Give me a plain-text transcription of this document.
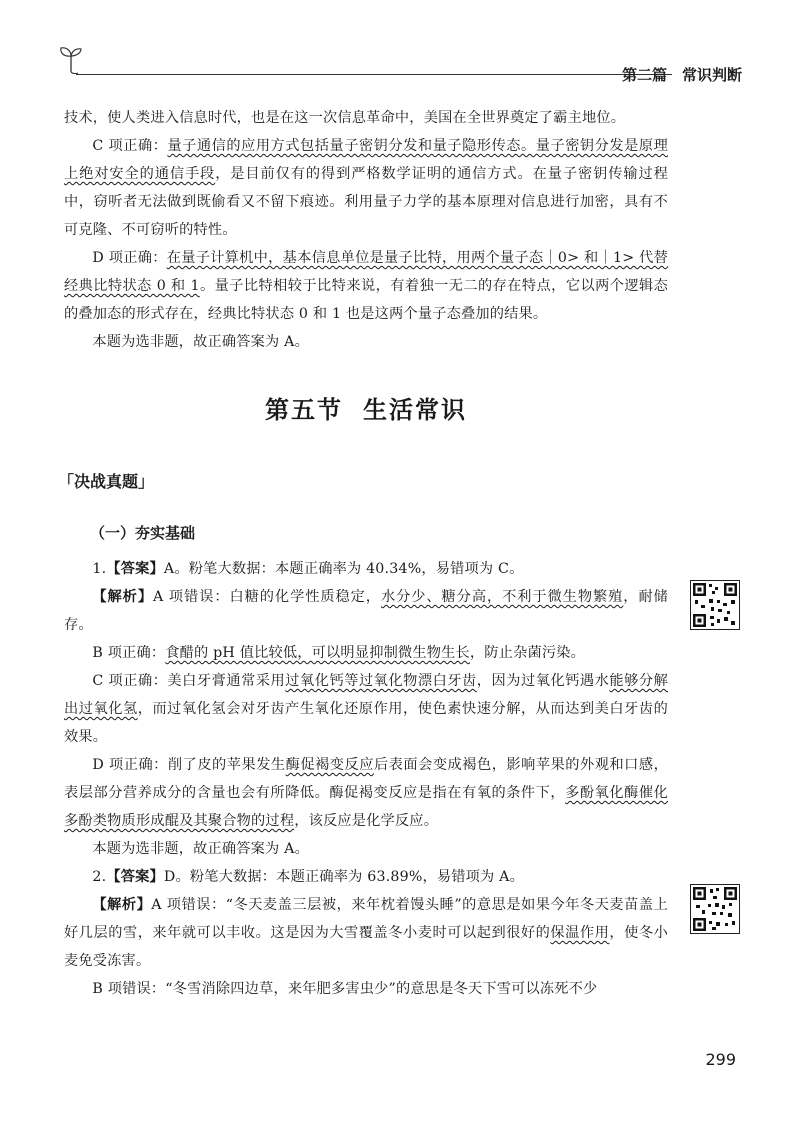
第二篇　常识判断

技术，使人类进入信息时代，也是在这一次信息革命中，美国在全世界奠定了霸主地位。

C 项正确：量子通信的应用方式包括量子密钥分发和量子隐形传态。量子密钥分发是原理上绝对安全的通信手段，是目前仅有的得到严格数学证明的通信方式。在量子密钥传输过程中，窃听者无法做到既偷看又不留下痕迹。利用量子力学的基本原理对信息进行加密，具有不可克隆、不可窃听的特性。

D 项正确：在量子计算机中，基本信息单位是量子比特，用两个量子态｜0> 和｜1> 代替经典比特状态 0 和 1。量子比特相较于比特来说，有着独一无二的存在特点，它以两个逻辑态的叠加态的形式存在，经典比特状态 0 和 1 也是这两个量子态叠加的结果。

本题为选非题，故正确答案为 A。

第五节 生活常识
「决战真题」
（一）夯实基础

1.【答案】A。粉笔大数据：本题正确率为 40.34%，易错项为 C。

【解析】A 项错误：白糖的化学性质稳定，水分少、糖分高，不利于微生物繁殖，耐储存。

B 项正确：食醋的 pH 值比较低，可以明显抑制微生物生长，防止杂菌污染。

C 项正确：美白牙膏通常采用过氧化钙等过氧化物漂白牙齿，因为过氧化钙遇水能够分解出过氧化氢，而过氧化氢会对牙齿产生氧化还原作用，使色素快速分解，从而达到美白牙齿的效果。

D 项正确：削了皮的苹果发生酶促褐变反应后表面会变成褐色，影响苹果的外观和口感，表层部分营养成分的含量也会有所降低。酶促褐变反应是指在有氧的条件下，多酚氧化酶催化多酚类物质形成醌及其聚合物的过程，该反应是化学反应。

本题为选非题，故正确答案为 A。

2.【答案】D。粉笔大数据：本题正确率为 63.89%，易错项为 A。

【解析】A 项错误：“冬天麦盖三层被，来年枕着馒头睡”的意思是如果今年冬天麦苗盖上好几层的雪，来年就可以丰收。这是因为大雪覆盖冬小麦时可以起到很好的保温作用，使冬小麦免受冻害。

B 项错误：“冬雪消除四边草，来年肥多害虫少”的意思是冬天下雪可以冻死不少

299
